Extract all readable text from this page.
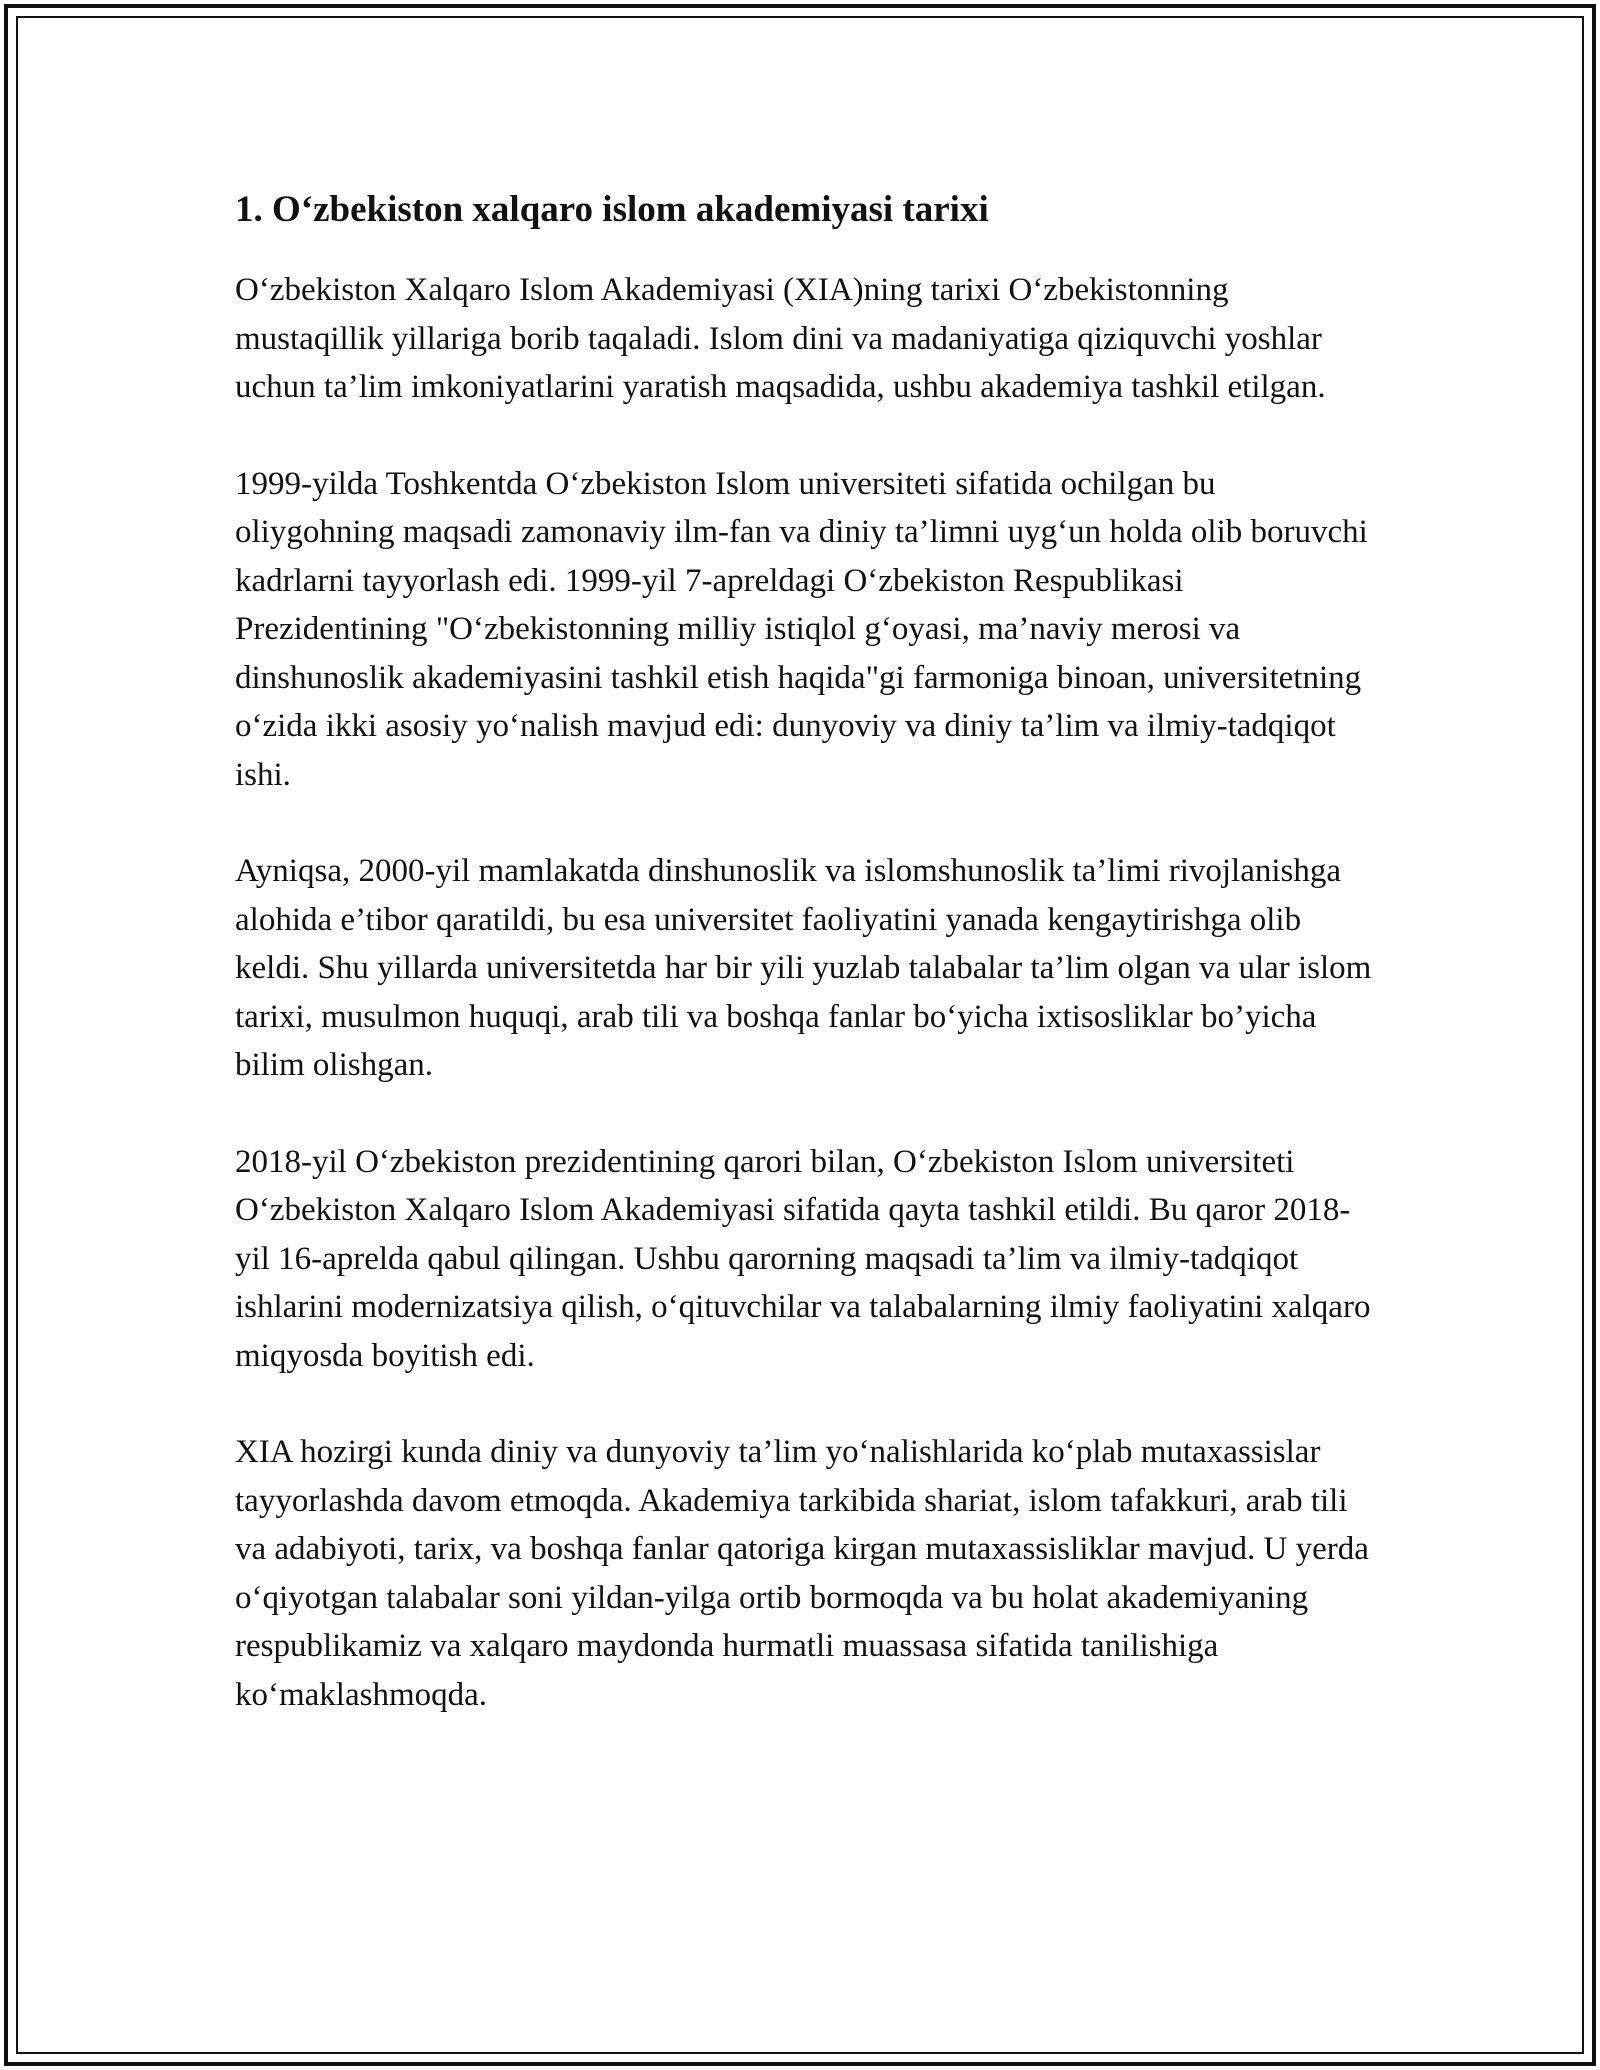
1. O‘zbekiston xalqaro islom akademiyasi tarixi

O‘zbekiston Xalqaro Islom Akademiyasi (XIA)ning tarixi O‘zbekistonning mustaqillik yillariga borib taqaladi. Islom dini va madaniyatiga qiziquvchi yoshlar uchun ta’lim imkoniyatlarini yaratish maqsadida, ushbu akademiya tashkil etilgan.

1999-yilda Toshkentda O‘zbekiston Islom universiteti sifatida ochilgan bu oliygohning maqsadi zamonaviy ilm-fan va diniy ta’limni uyg‘un holda olib boruvchi kadrlarni tayyorlash edi. 1999-yil 7-apreldagi O‘zbekiston Respublikasi Prezidentining "O‘zbekistonning milliy istiqlol g‘oyasi, ma’naviy merosi va dinshunoslik akademiyasini tashkil etish haqida"gi farmoniga binoan, universitetning o‘zida ikki asosiy yo‘nalish mavjud edi: dunyoviy va diniy ta’lim va ilmiy-tadqiqot ishi.

Ayniqsa, 2000-yil mamlakatda dinshunoslik va islomshunoslik ta’limi rivojlanishga alohida e’tibor qaratildi, bu esa universitet faoliyatini yanada kengaytirishga olib keldi. Shu yillarda universitetda har bir yili yuzlab talabalar ta’lim olgan va ular islom tarixi, musulmon huquqi, arab tili va boshqa fanlar bo‘yicha ixtisosliklar bo’yicha bilim olishgan.

2018-yil O‘zbekiston prezidentining qarori bilan, O‘zbekiston Islom universiteti O‘zbekiston Xalqaro Islom Akademiyasi sifatida qayta tashkil etildi. Bu qaror 2018-yil 16-aprelda qabul qilingan. Ushbu qarorning maqsadi ta’lim va ilmiy-tadqiqot ishlarini modernizatsiya qilish, o‘qituvchilar va talabalarning ilmiy faoliyatini xalqaro miqyosda boyitish edi.

XIA hozirgi kunda diniy va dunyoviy ta’lim yo‘nalishlarida ko‘plab mutaxassislar tayyorlashda davom etmoqda. Akademiya tarkibida shariat, islom tafakkuri, arab tili va adabiyoti, tarix, va boshqa fanlar qatoriga kirgan mutaxassisliklar mavjud. U yerda o‘qiyotgan talabalar soni yildan-yilga ortib bormoqda va bu holat akademiyaning respublikamiz va xalqaro maydonda hurmatli muassasa sifatida tanilishiga ko‘maklashmoqda.
